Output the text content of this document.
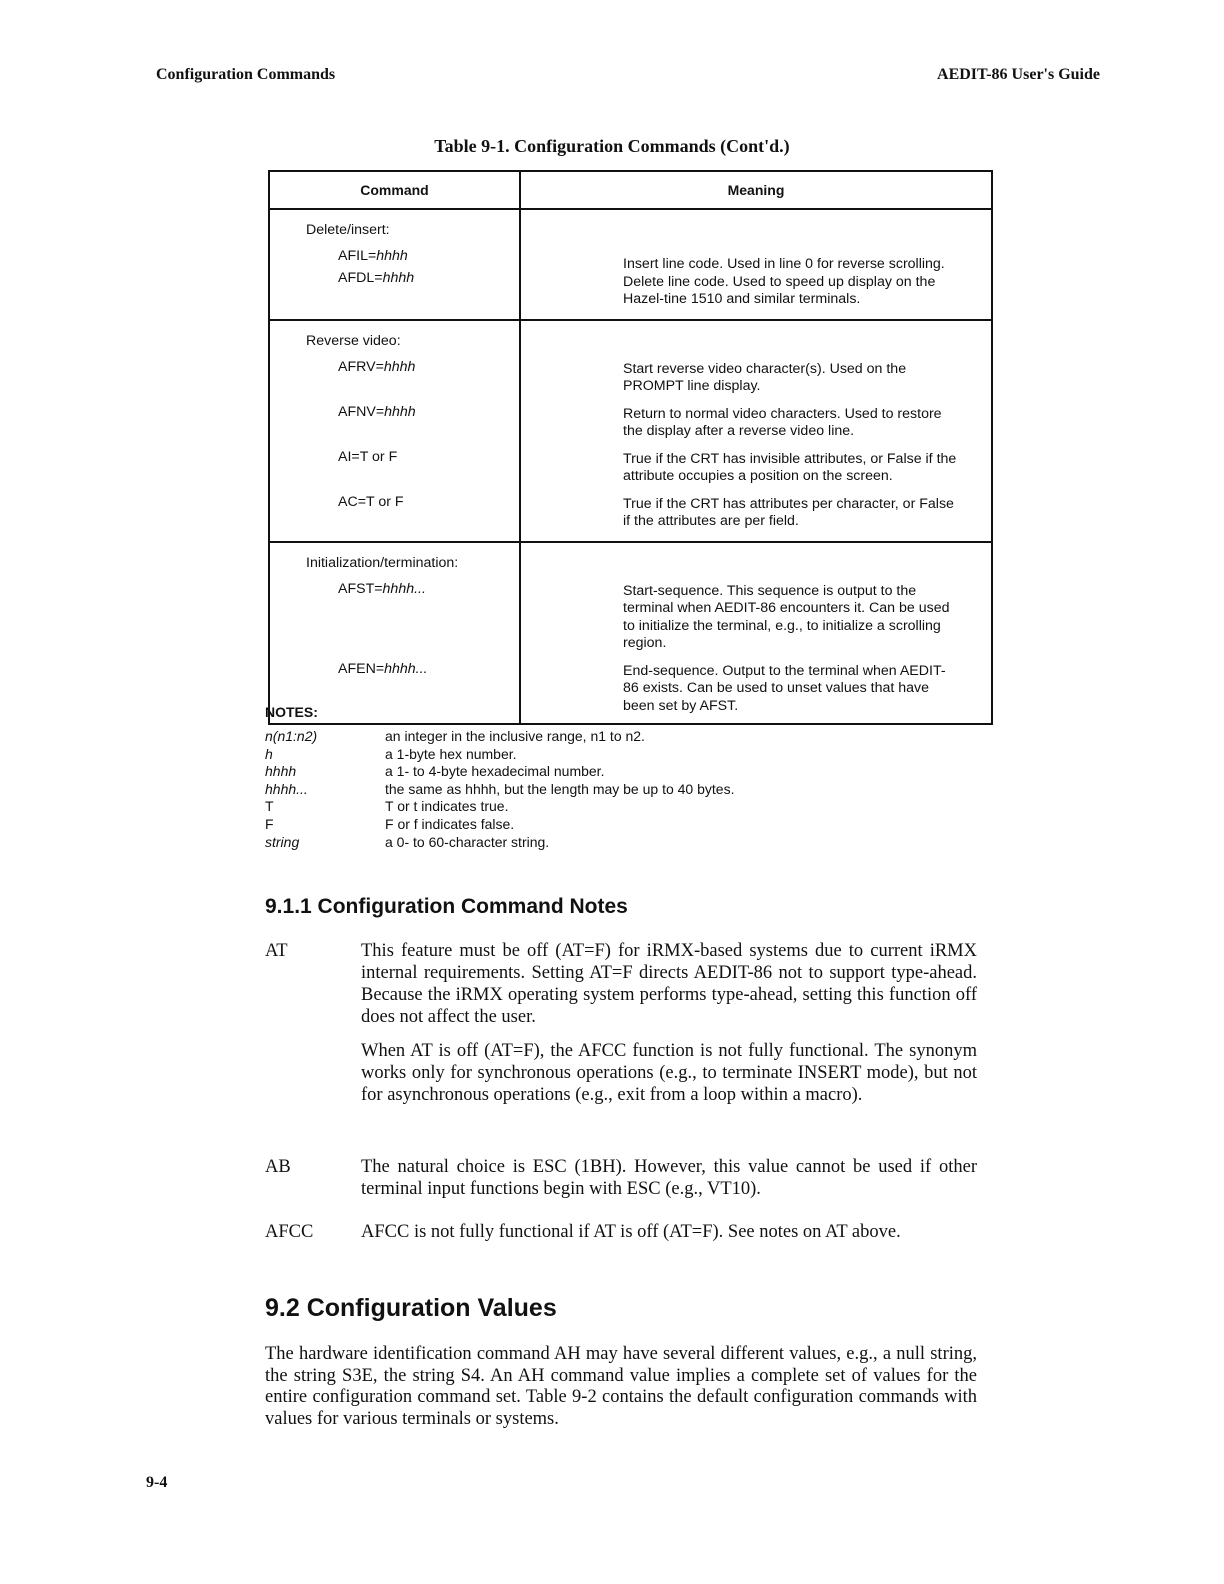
Configuration Commands	AEDIT-86 User's Guide
Table 9-1. Configuration Commands (Cont'd.)
Command	Meaning

Delete/insert:
AFIL=hhhh	Insert line code. Used in line 0 for reverse scrolling.
AFDL=hhhh	Delete line code. Used to speed up display on the Hazel-tine 1510 and similar terminals.

Reverse video:
AFRV=hhhh	Start reverse video character(s). Used on the PROMPT line display.
AFNV=hhhh	Return to normal video characters. Used to restore the display after a reverse video line.
AI=T or F	True if the CRT has invisible attributes, or False if the attribute occupies a position on the screen.
AC=T or F	True if the CRT has attributes per character, or False if the attributes are per field.

Initialization/termination:
AFST=hhhh...	Start-sequence. This sequence is output to the terminal when AEDIT-86 encounters it. Can be used to initialize the terminal, e.g., to initialize a scrolling region.
AFEN=hhhh...	End-sequence. Output to the terminal when AEDIT-86 exists. Can be used to unset values that have been set by AFST.
NOTES:
n(n1:n2)	an integer in the inclusive range, n1 to n2.
h	a 1-byte hex number.
hhhh	a 1- to 4-byte hexadecimal number.
hhhh...	the same as hhhh, but the length may be up to 40 bytes.
T	T or t indicates true.
F	F or f indicates false.
string	a 0- to 60-character string.
9.1.1 Configuration Command Notes
AT	This feature must be off (AT=F) for iRMX-based systems due to current iRMX internal requirements. Setting AT=F directs AEDIT-86 not to support type-ahead. Because the iRMX operating system performs type-ahead, setting this function off does not affect the user.

When AT is off (AT=F), the AFCC function is not fully functional. The synonym works only for synchronous operations (e.g., to terminate INSERT mode), but not for asynchronous operations (e.g., exit from a loop within a macro).

AB	The natural choice is ESC (1BH). However, this value cannot be used if other terminal input functions begin with ESC (e.g., VT10).

AFCC	AFCC is not fully functional if AT is off (AT=F). See notes on AT above.

9.2 Configuration Values
The hardware identification command AH may have several different values, e.g., a null string, the string S3E, the string S4. An AH command value implies a complete set of values for the entire configuration command set. Table 9-2 contains the default configuration commands with values for various terminals or systems.
9-4
